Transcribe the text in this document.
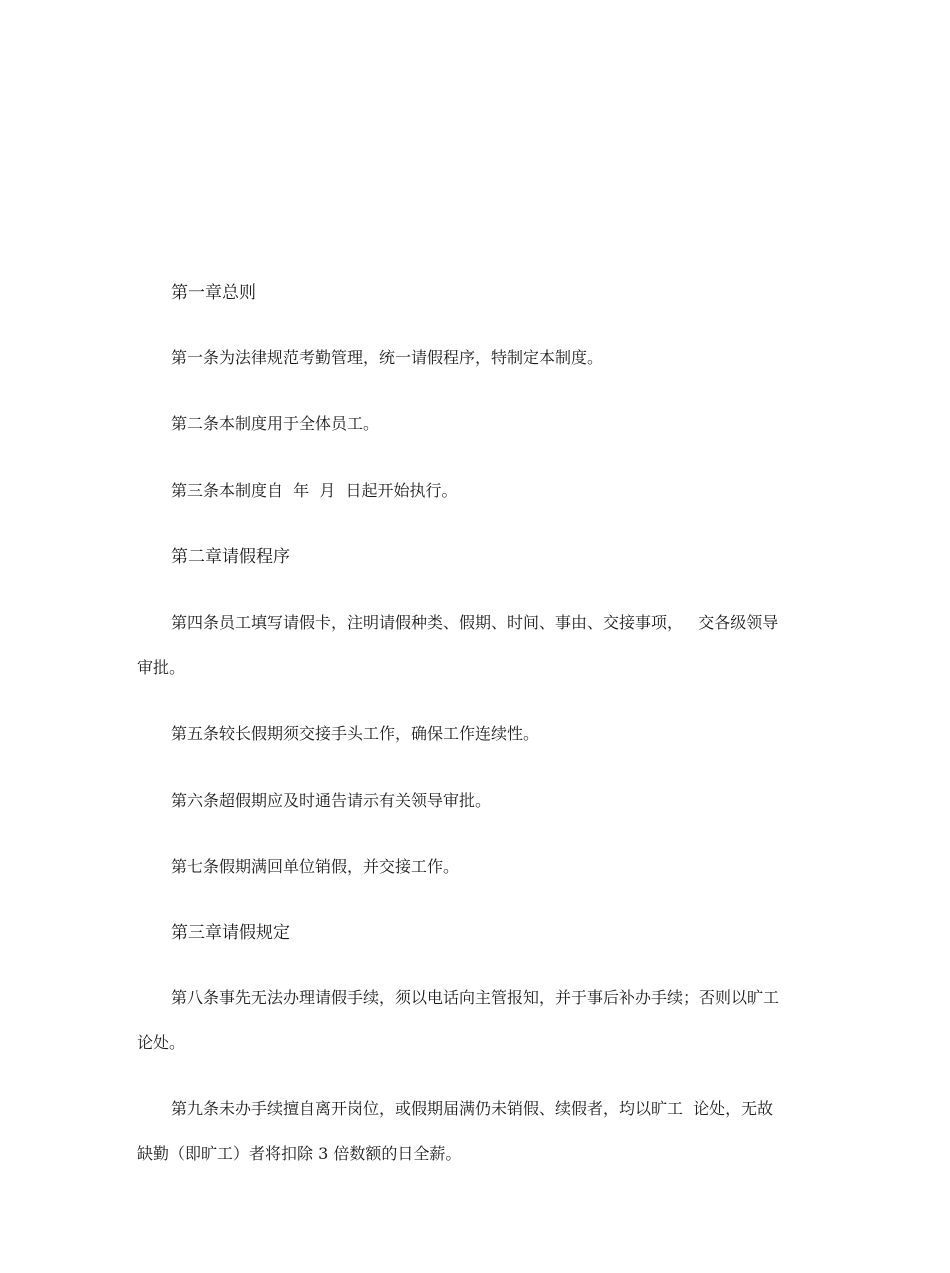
第一章总则
第一条为法律规范考勤管理，统一请假程序，特制定本制度。
第二条本制度用于全体员工。
第三条本制度自  年  月  日起开始执行。
第二章请假程序
第四条员工填写请假卡，注明请假种类、假期、时间、事由、交接事项，   交各级领导
审批。
第五条较长假期须交接手头工作，确保工作连续性。
第六条超假期应及时通告请示有关领导审批。
第七条假期满回单位销假，并交接工作。
第三章请假规定
第八条事先无法办理请假手续，须以电话向主管报知，并于事后补办手续；否则以旷工
论处。
第九条未办手续擅自离开岗位，或假期届满仍未销假、续假者，均以旷工  论处，无故
缺勤（即旷工）者将扣除 3 倍数额的日全薪。
